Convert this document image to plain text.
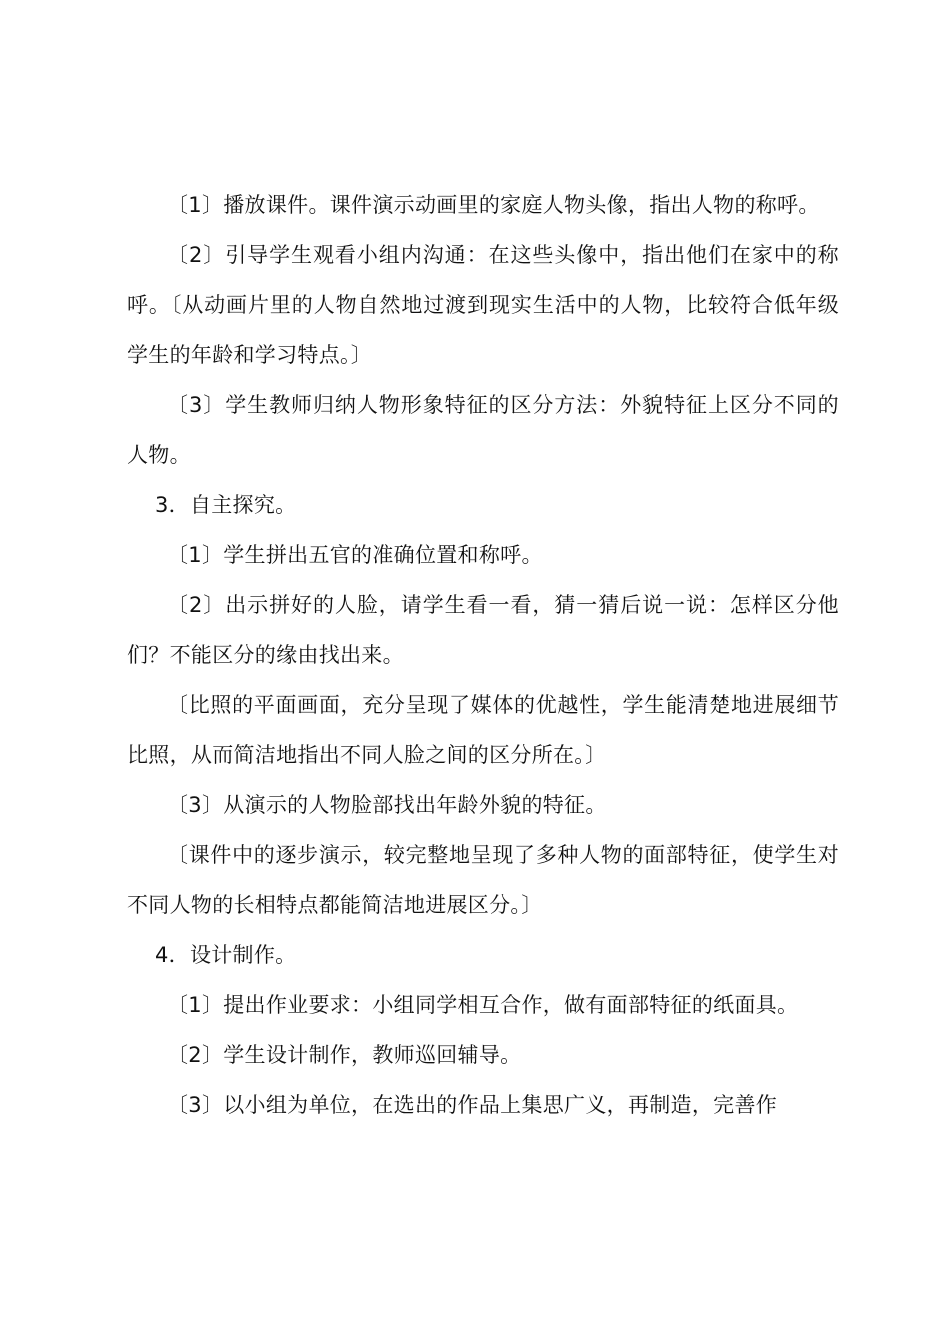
〔1〕播放课件。课件演示动画里的家庭人物头像，指出人物的称呼。

〔2〕引导学生观看小组内沟通：在这些头像中，指出他们在家中的称呼。〔从动画片里的人物自然地过渡到现实生活中的人物，比较符合低年级学生的年龄和学习特点。〕

〔3〕学生教师归纳人物形象特征的区分方法：外貌特征上区分不同的人物。

3．自主探究。

〔1〕学生拼出五官的准确位置和称呼。

〔2〕出示拼好的人脸，请学生看一看，猜一猜后说一说：怎样区分他们？不能区分的缘由找出来。

〔比照的平面画面，充分呈现了媒体的优越性，学生能清楚地进展细节比照，从而简洁地指出不同人脸之间的区分所在。〕

〔3〕从演示的人物脸部找出年龄外貌的特征。

〔课件中的逐步演示，较完整地呈现了多种人物的面部特征，使学生对不同人物的长相特点都能简洁地进展区分。〕

4．设计制作。

〔1〕提出作业要求：小组同学相互合作，做有面部特征的纸面具。

〔2〕学生设计制作，教师巡回辅导。

〔3〕以小组为单位，在选出的作品上集思广义，再制造，完善作
